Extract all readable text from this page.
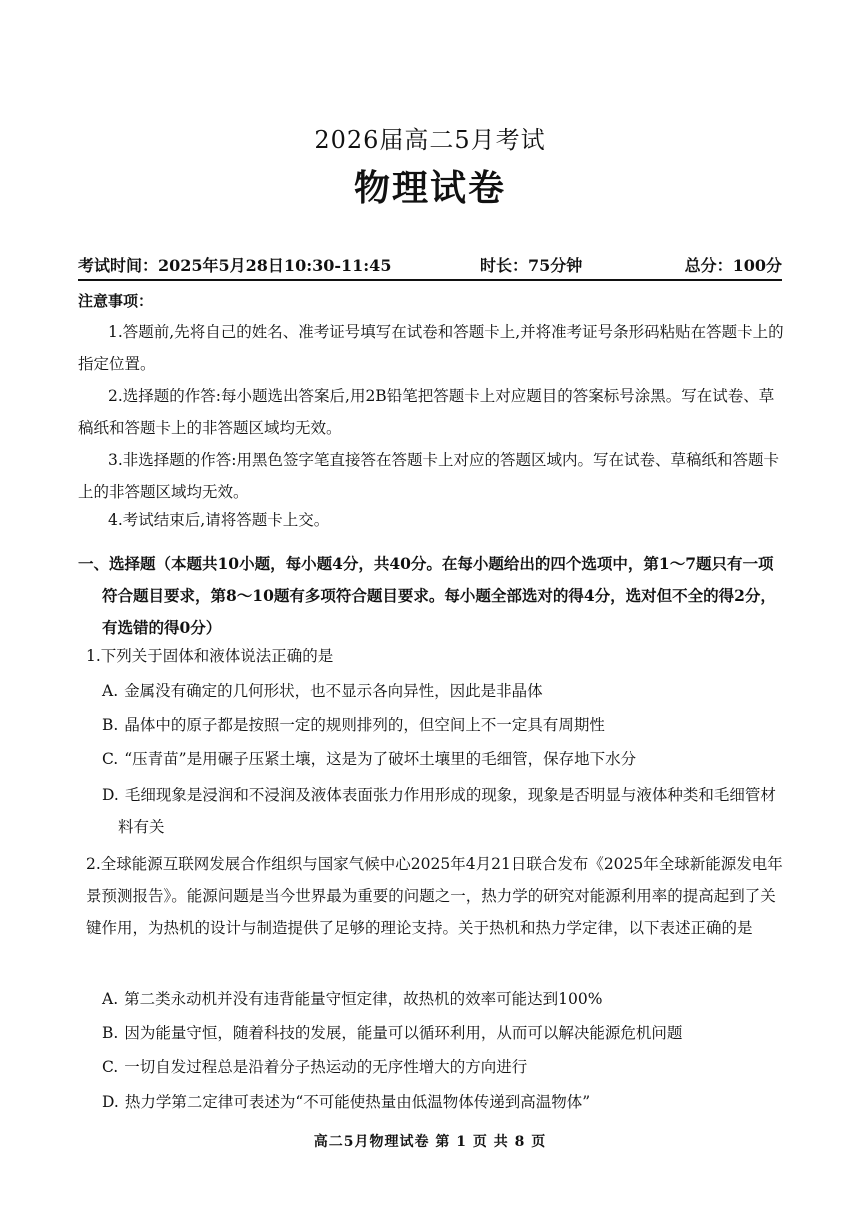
2026届高二5月考试
物理试卷
考试时间：2025年5月28日10:30-11:45	时长：75分钟	总分：100分
注意事项：
1.答题前,先将自己的姓名、准考证号填写在试卷和答题卡上,并将准考证号条形码粘贴在答题卡上的指定位置。
2.选择题的作答:每小题选出答案后,用2B铅笔把答题卡上对应题目的答案标号涂黑。写在试卷、草稿纸和答题卡上的非答题区域均无效。
3.非选择题的作答:用黑色签字笔直接答在答题卡上对应的答题区域内。写在试卷、草稿纸和答题卡上的非答题区域均无效。
4.考试结束后,请将答题卡上交。
一、选择题（本题共10小题，每小题4分，共40分。在每小题给出的四个选项中，第1～7题只有一项符合题目要求，第8～10题有多项符合题目要求。每小题全部选对的得4分，选对但不全的得2分，有选错的得0分）
1.下列关于固体和液体说法正确的是
A. 金属没有确定的几何形状，也不显示各向异性，因此是非晶体
B. 晶体中的原子都是按照一定的规则排列的，但空间上不一定具有周期性
C. “压青苗”是用碾子压紧土壤，这是为了破坏土壤里的毛细管，保存地下水分
D. 毛细现象是浸润和不浸润及液体表面张力作用形成的现象，现象是否明显与液体种类和毛细管材料有关
2.全球能源互联网发展合作组织与国家气候中心2025年4月21日联合发布《2025年全球新能源发电年景预测报告》。能源问题是当今世界最为重要的问题之一，热力学的研究对能源利用率的提高起到了关键作用，为热机的设计与制造提供了足够的理论支持。关于热机和热力学定律，以下表述正确的是
A. 第二类永动机并没有违背能量守恒定律，故热机的效率可能达到100%
B. 因为能量守恒，随着科技的发展，能量可以循环利用，从而可以解决能源危机问题
C. 一切自发过程总是沿着分子热运动的无序性增大的方向进行
D. 热力学第二定律可表述为“不可能使热量由低温物体传递到高温物体”
高二5月物理试卷 第 1 页 共 8 页
